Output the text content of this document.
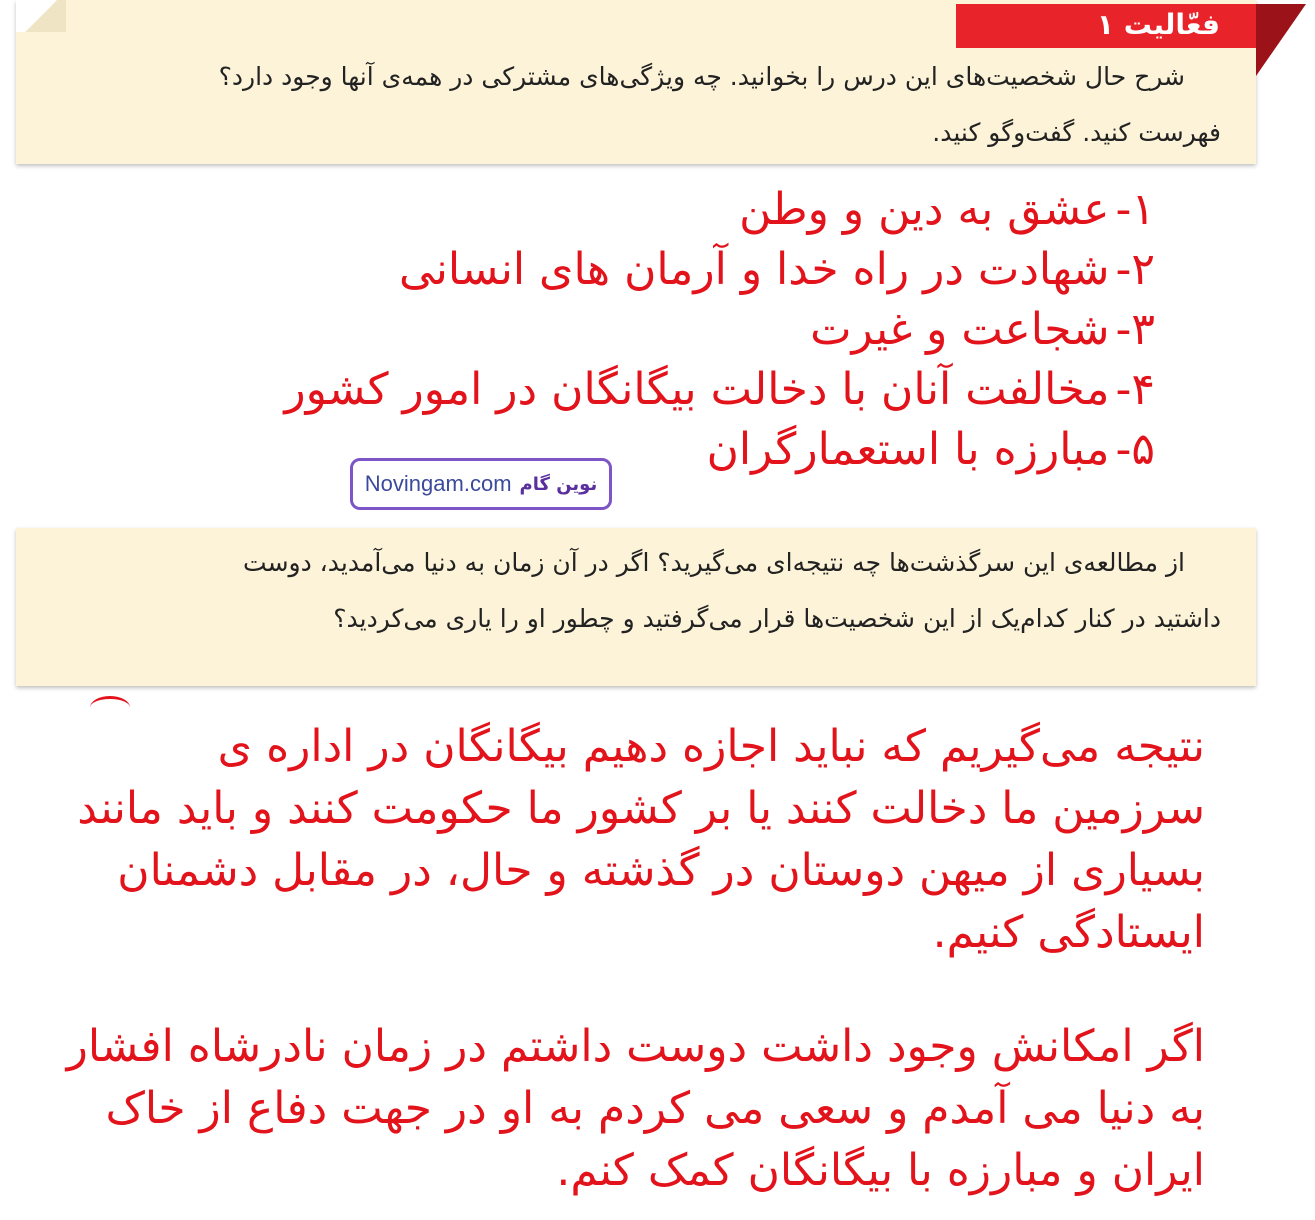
فعّالیت ۱
شرح حال شخصیت‌های این درس را بخوانید. چه ویژگی‌های مشترکی در همه‌ی آنها وجود دارد؟
فهرست کنید. گفت‌وگو کنید.
۱-عشق به دین و وطن
۲-شهادت در راه خدا و آرمان های انسانی
۳-شجاعت و غیرت
۴-مخالفت آنان با دخالت بیگانگان در امور کشور
۵-مبارزه با استعمارگران
Novingam.com نوین گام
از مطالعه‌ی این سرگذشت‌ها چه نتیجه‌ای می‌گیرید؟ اگر در آن زمان به دنیا می‌آمدید، دوست
داشتید در کنار کدام‌یک از این شخصیت‌ها قرار می‌گرفتید و چطور او را یاری می‌کردید؟

نتیجه می‌گیریم که نباید اجازه دهیم بیگانگان در اداره ی سرزمین ما دخالت کنند یا بر کشور ما حکومت کنند و باید مانند بسیاری از میهن دوستان در گذشته و حال، در مقابل دشمنان ایستادگی کنیم.

اگر امکانش وجود داشت دوست داشتم در زمان نادرشاه افشار به دنیا می آمدم و سعی می کردم به او در جهت دفاع از خاک ایران و مبارزه با بیگانگان کمک کنم.
